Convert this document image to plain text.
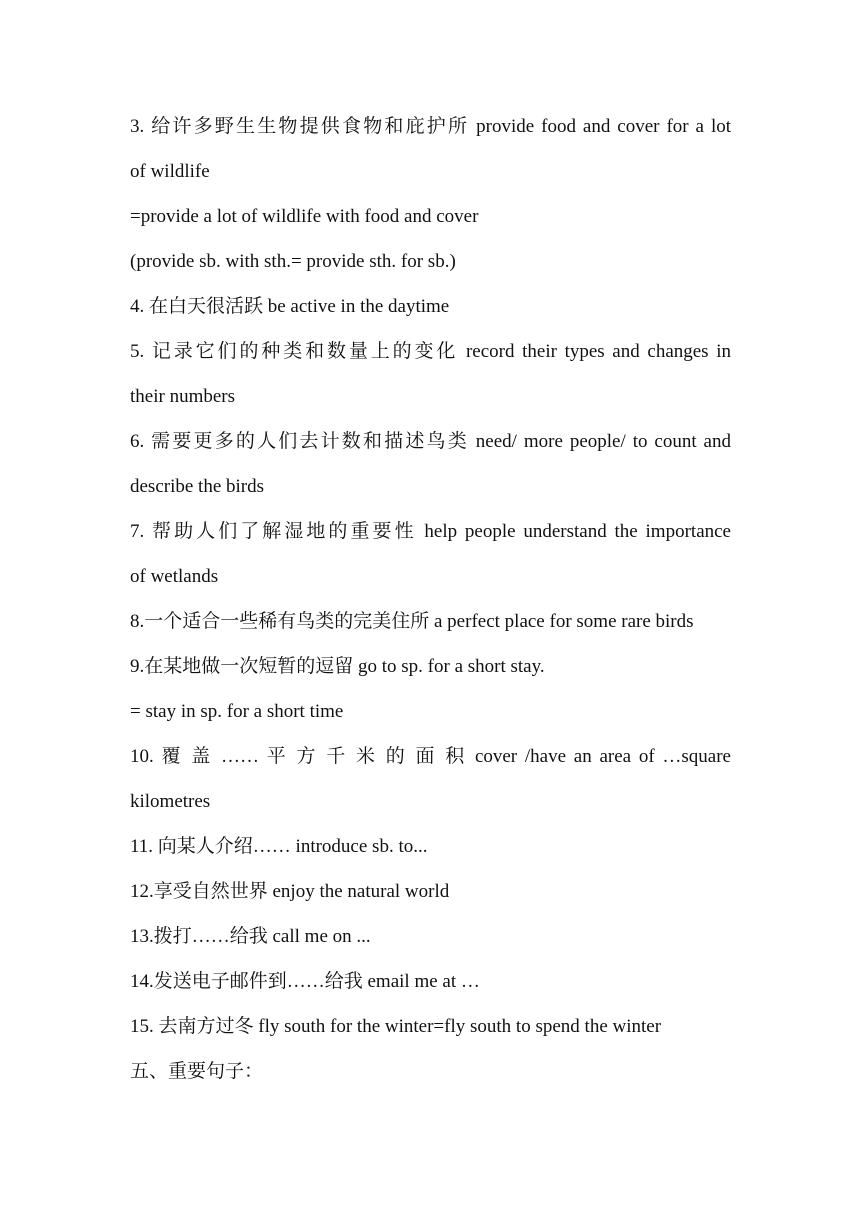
3. 给许多野生生物提供食物和庇护所 provide food and cover for a lot
of wildlife
=provide a lot of wildlife with food and cover
(provide sb. with sth.= provide sth. for sb.)
4. 在白天很活跃 be active in the daytime
5. 记录它们的种类和数量上的变化 record their types and changes in
their numbers
6. 需要更多的人们去计数和描述鸟类 need/ more people/ to count and
describe the birds
7. 帮助人们了解湿地的重要性 help people understand the importance
of wetlands
8.一个适合一些稀有鸟类的完美住所 a perfect place for some rare birds
9.在某地做一次短暂的逗留 go to sp. for a short stay.
= stay in sp. for a short time
10. 覆 盖 …… 平 方 千 米 的 面 积 cover /have an area of …square
kilometres
11. 向某人介绍…… introduce sb. to...
12.享受自然世界 enjoy the natural world
13.拨打……给我 call me on ...
14.发送电子邮件到……给我 email me at …
15. 去南方过冬 fly south for the winter=fly south to spend the winter
五、重要句子：
